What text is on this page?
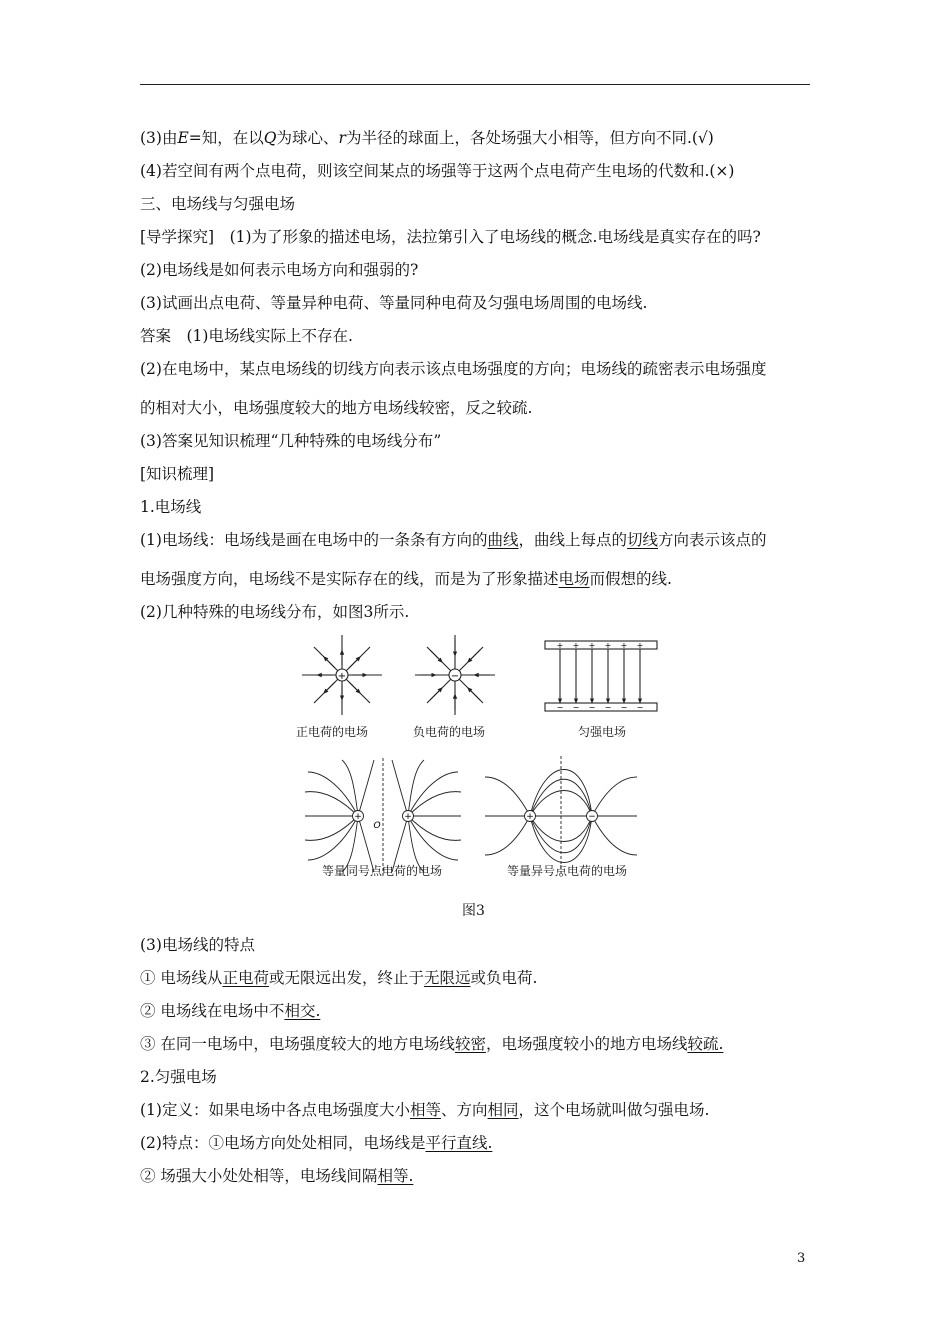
(3)由E=知，在以Q为球心、r为半径的球面上，各处场强大小相等，但方向不同.(√)
(4)若空间有两个点电荷，则该空间某点的场强等于这两个点电荷产生电场的代数和.(×)
三、电场线与匀强电场
[导学探究]　(1)为了形象的描述电场，法拉第引入了电场线的概念.电场线是真实存在的吗?
(2)电场线是如何表示电场方向和强弱的?
(3)试画出点电荷、等量异种电荷、等量同种电荷及匀强电场周围的电场线.
答案　(1)电场线实际上不存在.
(2)在电场中，某点电场线的切线方向表示该点电场强度的方向；电场线的疏密表示电场强度
的相对大小，电场强度较大的地方电场线较密，反之较疏.
(3)答案见知识梳理“几种特殊的电场线分布”
[知识梳理]
1.电场线
(1)电场线：电场线是画在电场中的一条条有方向的曲线，曲线上每点的切线方向表示该点的
电场强度方向，电场线不是实际存在的线，而是为了形象描述电场而假想的线.
(2)几种特殊的电场线分布，如图3所示.
+	−
+ + + + + +
− − − − − −
+	+
O
+	−
正电荷的电场	负电荷的电场	匀强电场
等量同号点电荷的电场	等量异号点电荷的电场
图3
(3)电场线的特点
① 电场线从正电荷或无限远出发，终止于无限远或负电荷.
② 电场线在电场中不相交.
③ 在同一电场中，电场强度较大的地方电场线较密，电场强度较小的地方电场线较疏.
2.匀强电场
(1)定义：如果电场中各点电场强度大小相等、方向相同，这个电场就叫做匀强电场.
(2)特点：①电场方向处处相同，电场线是平行直线.
② 场强大小处处相等，电场线间隔相等.
3
